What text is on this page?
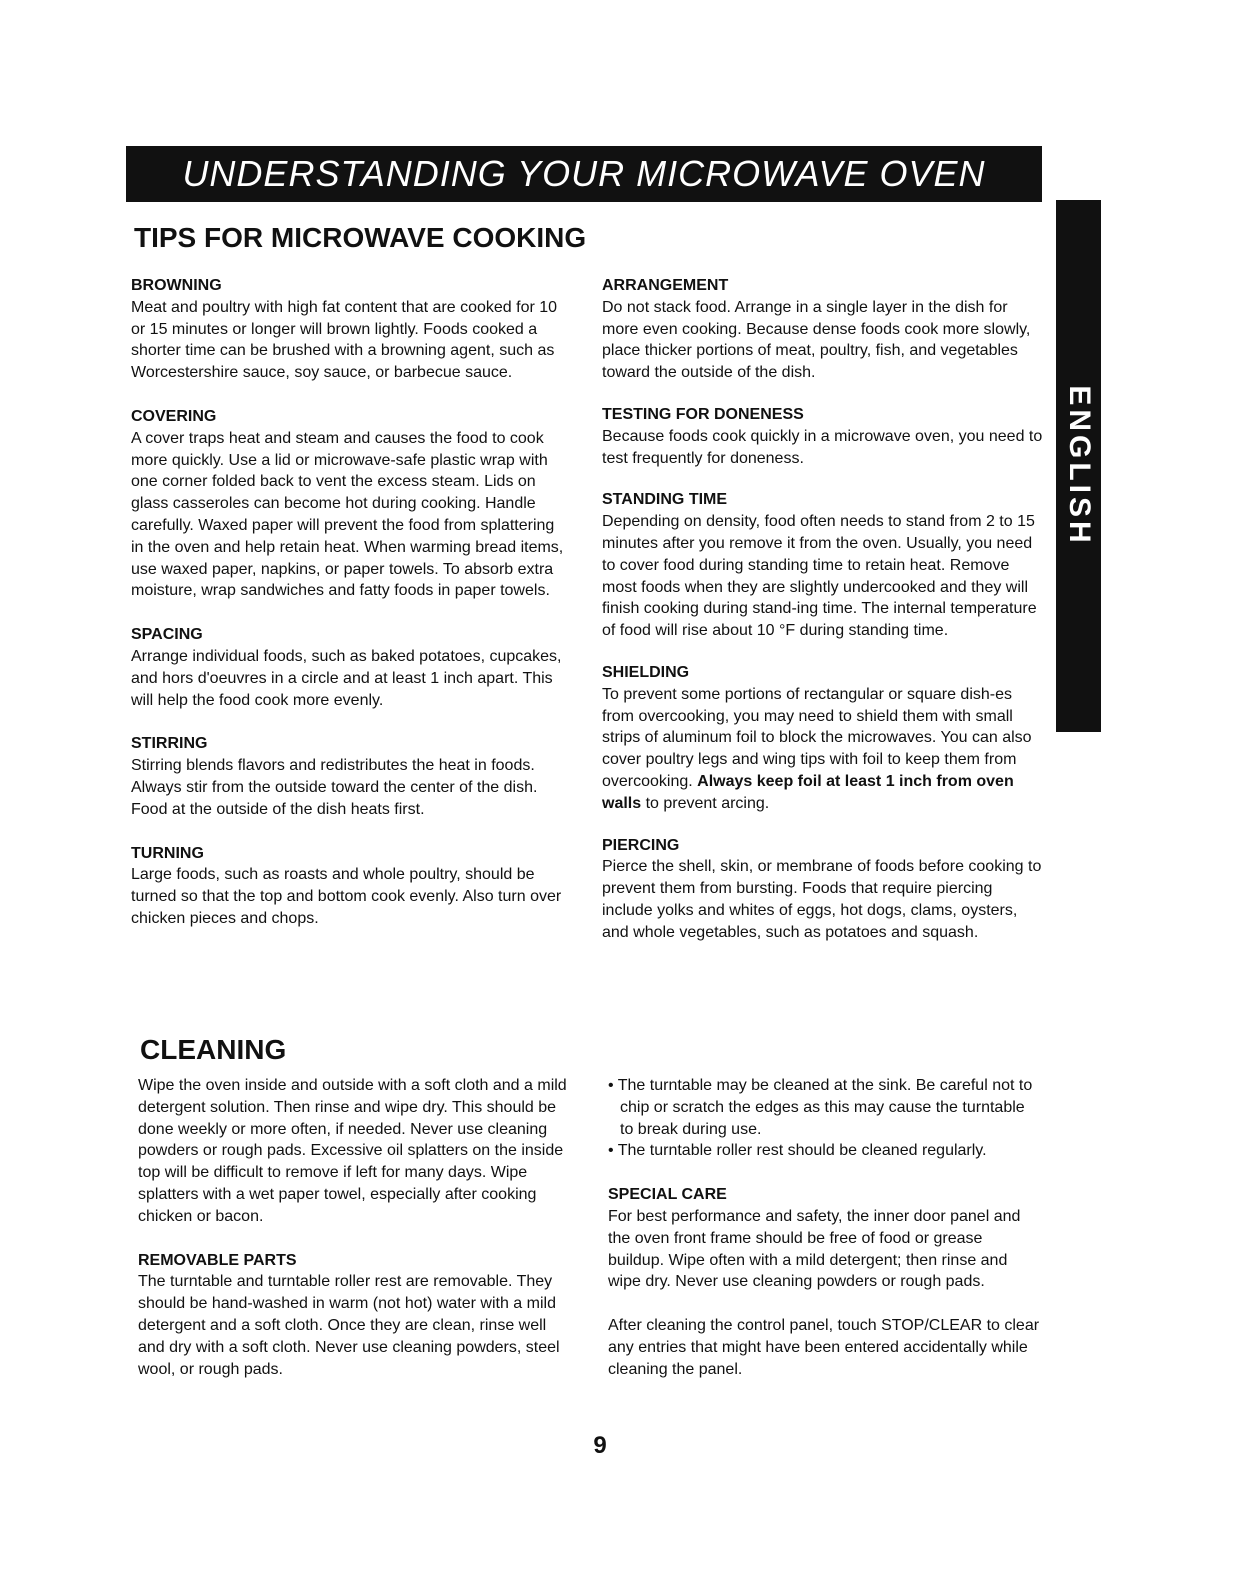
UNDERSTANDING YOUR MICROWAVE OVEN
TIPS FOR MICROWAVE COOKING

BROWNING

Meat and poultry with high fat content that are cooked for 10 or 15 minutes or longer will brown lightly. Foods cooked a shorter time can be brushed with a browning agent, such as Worcestershire sauce, soy sauce, or barbecue sauce.

COVERING

A cover traps heat and steam and causes the food to cook more quickly. Use a lid or microwave-safe plastic wrap with one corner folded back to vent the excess steam. Lids on glass casseroles can become hot during cooking. Handle carefully. Waxed paper will prevent the food from splattering in the oven and help retain heat. When warming bread items, use waxed paper, napkins, or paper towels. To absorb extra moisture, wrap sandwiches and fatty foods in paper towels.

SPACING

Arrange individual foods, such as baked potatoes, cupcakes, and hors d'oeuvres in a circle and at least 1 inch apart. This will help the food cook more evenly.

STIRRING

Stirring blends flavors and redistributes the heat in foods. Always stir from the outside toward the center of the dish. Food at the outside of the dish heats first.

TURNING

Large foods, such as roasts and whole poultry, should be turned so that the top and bottom cook evenly. Also turn over chicken pieces and chops.

ARRANGEMENT

Do not stack food. Arrange in a single layer in the dish for more even cooking. Because dense foods cook more slowly, place thicker portions of meat, poultry, fish, and vegetables toward the outside of the dish.

TESTING FOR DONENESS

Because foods cook quickly in a microwave oven, you need to test frequently for doneness.

STANDING TIME

Depending on density, food often needs to stand from 2 to 15 minutes after you remove it from the oven. Usually, you need to cover food during standing time to retain heat. Remove most foods when they are slightly undercooked and they will finish cooking during stand-ing time. The internal temperature of food will rise about 10 °F during standing time.

SHIELDING

To prevent some portions of rectangular or square dish-es from overcooking, you may need to shield them with small strips of aluminum foil to block the microwaves. You can also cover poultry legs and wing tips with foil to keep them from overcooking. Always keep foil at least 1 inch from oven walls to prevent arcing.

PIERCING

Pierce the shell, skin, or membrane of foods before cooking to prevent them from bursting. Foods that require piercing include yolks and whites of eggs, hot dogs, clams, oysters, and whole vegetables, such as potatoes and squash.

CLEANING

Wipe the oven inside and outside with a soft cloth and a mild detergent solution. Then rinse and wipe dry. This should be done weekly or more often, if needed. Never use cleaning powders or rough pads. Excessive oil splatters on the inside top will be difficult to remove if left for many days. Wipe splatters with a wet paper towel, especially after cooking chicken or bacon.

REMOVABLE PARTS

The turntable and turntable roller rest are removable. They should be hand-washed in warm (not hot) water with a mild detergent and a soft cloth. Once they are clean, rinse well and dry with a soft cloth. Never use cleaning powders, steel wool, or rough pads.

• The turntable may be cleaned at the sink. Be careful not to chip or scratch the edges as this may cause the turntable to break during use.

• The turntable roller rest should be cleaned regularly.

SPECIAL CARE

For best performance and safety, the inner door panel and the oven front frame should be free of food or grease buildup. Wipe often with a mild detergent; then rinse and wipe dry. Never use cleaning powders or rough pads.

After cleaning the control panel, touch STOP/CLEAR to clear any entries that might have been entered accidentally while cleaning the panel.

ENGLISH
9
